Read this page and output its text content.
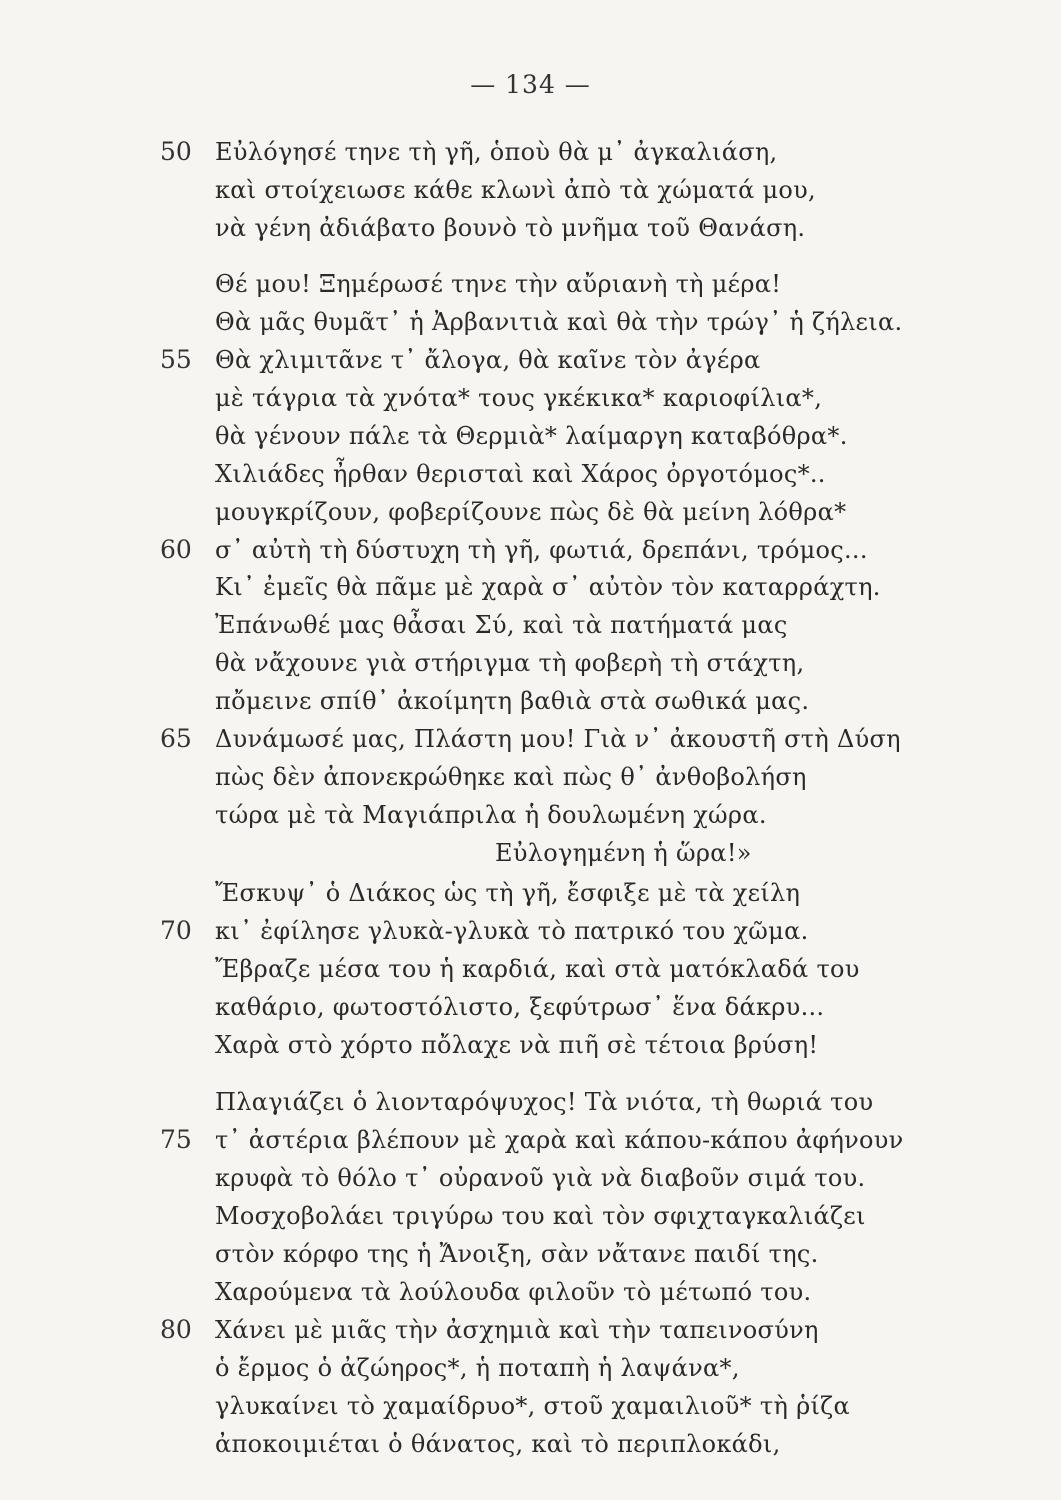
— 134 —
50 Εὐλόγησέ τηνε τὴ γῆ, ὁποὺ θὰ μ᾿ ἀγκαλιάση,
καὶ στοίχειωσε κάθε κλωνὶ ἀπὸ τὰ χώματά μου,
νὰ γένη ἀδιάβατο βουνὸ τὸ μνῆμα τοῦ Θανάση.
Θέ μου! Ξημέρωσέ τηνε τὴν αὔριανὴ τὴ μέρα!
Θὰ μᾶς θυμᾶτ᾿ ἡ Ἀρβανιτιὰ καὶ θὰ τὴν τρώγ᾿ ἡ ζήλεια.
55 Θὰ χλιμιτᾶνε τ᾿ ἄλογα, θὰ καῖνε τὸν ἀγέρα
μὲ τάγρια τὰ χνότα* τους γκέκικα* καριοφίλια*,
θὰ γένουν πάλε τὰ Θερμιὰ* λαίμαργη καταβόθρα*.
Χιλιάδες ἦρθαν θερισταὶ καὶ Χάρος ὀργοτόμος*..
μουγκρίζουν, φοβερίζουνε πὼς δὲ θὰ μείνη λόθρα*
60 σ᾿ αὐτὴ τὴ δύστυχη τὴ γῆ, φωτιά, δρεπάνι, τρόμος...
Κι᾿ ἐμεῖς θὰ πᾶμε μὲ χαρὰ σ᾿ αὐτὸν τὸν καταρράχτη.
Ἐπάνωθέ μας θἆσαι Σύ, καὶ τὰ πατήματά μας
θὰ νἄχουνε γιὰ στήριγμα τὴ φοβερὴ τὴ στάχτη,
πὄμεινε σπίθ᾿ ἀκοίμητη βαθιὰ στὰ σωθικά μας.
65 Δυνάμωσέ μας, Πλάστη μου! Γιὰ ν᾿ ἀκουστῆ στὴ Δύση
πὼς δὲν ἀπονεκρώθηκε καὶ πὼς θ᾿ ἀνθοβολήση
τώρα μὲ τὰ Μαγιάπριλα ἡ δουλωμένη χώρα.
Εὐλογημένη ἡ ὥρα!»
Ἔσκυψ᾿ ὁ Διάκος ὡς τὴ γῆ, ἔσφιξε μὲ τὰ χείλη
70 κι᾿ ἐφίλησε γλυκὰ-γλυκὰ τὸ πατρικό του χῶμα.
Ἔβραζε μέσα του ἡ καρδιά, καὶ στὰ ματόκλαδά του
καθάριο, φωτοστόλιστο, ξεφύτρωσ᾿ ἕνα δάκρυ...
Χαρὰ στὸ χόρτο πὄλαχε νὰ πιῆ σὲ τέτοια βρύση!
Πλαγιάζει ὁ λιονταρόψυχος! Τὰ νιότα, τὴ θωριά του
75 τ᾿ ἀστέρια βλέπουν μὲ χαρὰ καὶ κάπου-κάπου ἀφήνουν
κρυφὰ τὸ θόλο τ᾿ οὐρανοῦ γιὰ νὰ διαβοῦν σιμά του.
Μοσχοβολάει τριγύρω του καὶ τὸν σφιχταγκαλιάζει
στὸν κόρφο της ἡ Ἄνοιξη, σὰν νἄτανε παιδί της.
Χαρούμενα τὰ λούλουδα φιλοῦν τὸ μέτωπό του.
80 Χάνει μὲ μιᾶς τὴν ἀσχημιὰ καὶ τὴν ταπεινοσύνη
ὁ ἔρμος ὁ ἀζώηρος*, ἡ ποταπὴ ἡ λαψάνα*,
γλυκαίνει τὸ χαμαίδρυο*, στοῦ χαμαιλιοῦ* τὴ ῥίζα
ἀποκοιμιέται ὁ θάνατος, καὶ τὸ περιπλοκάδι,
